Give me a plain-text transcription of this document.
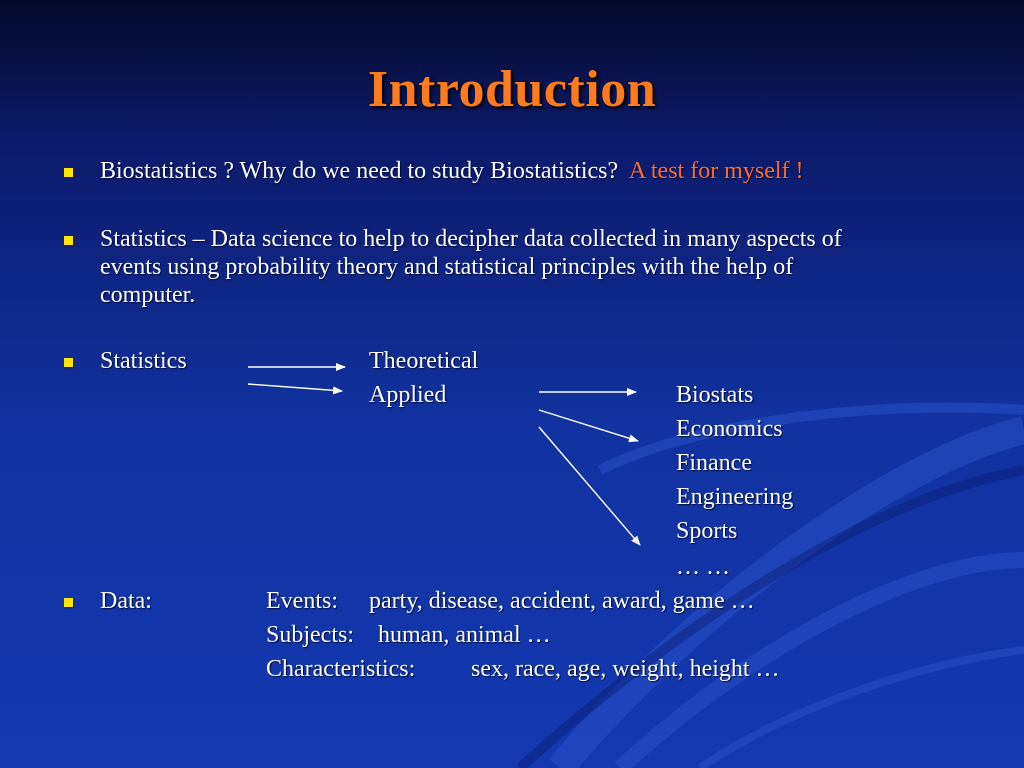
Introduction
Biostatistics ? Why do we need to study Biostatistics? A test for myself !
Statistics – Data science to help to decipher data collected in many aspects of
events using probability theory and statistical principles with the help of
computer.
Statistics	Theoretical
Applied	Biostats
Economics
Finance
Engineering
Sports
… …
Data:	Events: party, disease, accident, award, game …
Subjects: human, animal …
Characteristics: sex, race, age, weight, height …
